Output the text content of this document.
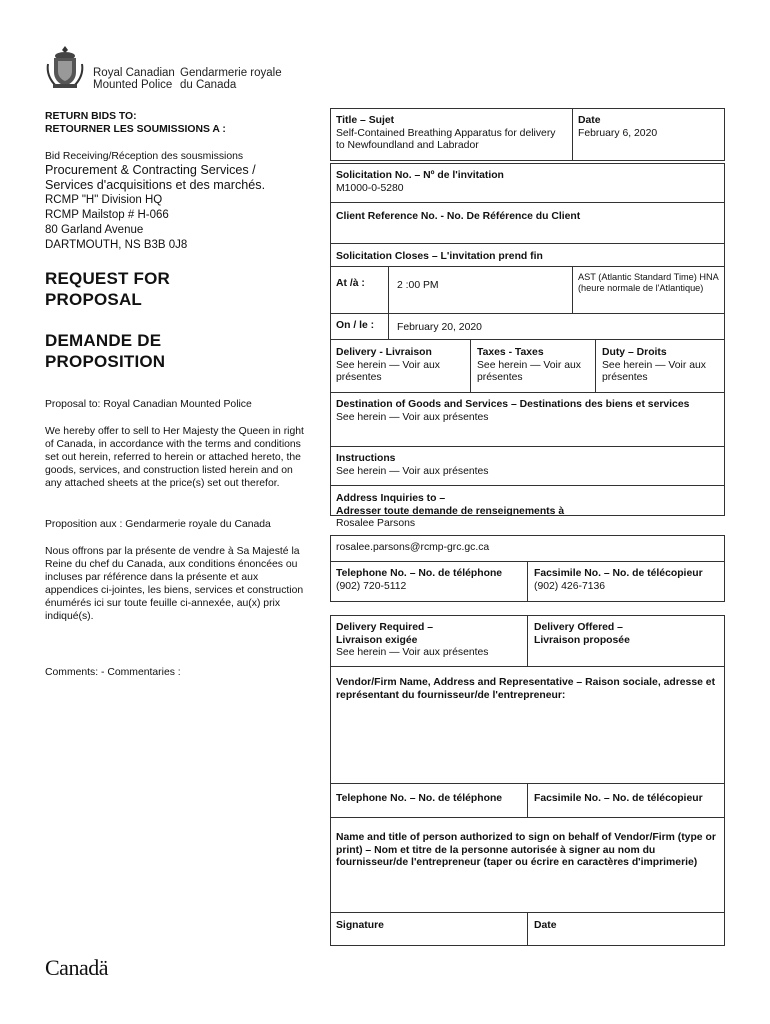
Royal Canadian
Mounted Police
Gendarmerie royale
du Canada
RETURN BIDS TO:
RETOURNER LES SOUMISSIONS A :
Bid Receiving/Réception des sousmissions
Procurement & Contracting Services /
Services d'acquisitions et des marchés.
RCMP "H" Division HQ
RCMP Mailstop # H-066
80 Garland Avenue
DARTMOUTH, NS B3B 0J8
REQUEST FOR
PROPOSAL
DEMANDE DE
PROPOSITION
Proposal to: Royal Canadian Mounted Police
We hereby offer to sell to Her Majesty the Queen in right of Canada, in accordance with the terms and conditions set out herein, referred to herein or attached hereto, the goods, services, and construction listed herein and on any attached sheets at the price(s) set out therefor.
Proposition aux : Gendarmerie royale du Canada
Nous offrons par la présente de vendre à Sa Majesté la Reine du chef du Canada, aux conditions énoncées ou incluses par référence dans la présente et aux appendices ci-jointes, les biens, services et construction énumérés ici sur toute feuille ci-annexée, au(x) prix indiqué(s).
Comments: - Commentaries :
Title – Sujet
Self-Contained Breathing Apparatus for delivery to Newfoundland and Labrador
Date
February 6, 2020
Solicitation No. – Nº de l'invitation
M1000-0-5280
Client Reference No. - No. De Référence du Client
Solicitation Closes – L'invitation prend fin
At /à :	2 :00 PM
AST (Atlantic Standard Time) HNA (heure normale de l'Atlantique)
On / le : February 20, 2020
Delivery - Livraison
See herein — Voir aux présentes
Taxes - Taxes
See herein — Voir aux présentes
Duty – Droits
See herein — Voir aux présentes
Destination of Goods and Services – Destinations des biens et services
See herein — Voir aux présentes
Instructions
See herein — Voir aux présentes
Address Inquiries to –
Adresser toute demande de renseignements à
Rosalee Parsons
rosalee.parsons@rcmp-grc.gc.ca
Telephone No. – No. de téléphone
(902) 720-5112
Facsimile No. – No. de télécopieur
(902) 426-7136
Delivery Required –
Livraison exigée
See herein — Voir aux présentes
Delivery Offered –
Livraison proposée
Vendor/Firm Name, Address and Representative – Raison sociale, adresse et représentant du fournisseur/de l'entrepreneur:
Telephone No. – No. de téléphone	Facsimile No. – No. de télécopieur
Name and title of person authorized to sign on behalf of Vendor/Firm (type or print) – Nom et titre de la personne autorisée à signer au nom du fournisseur/de l'entrepreneur (taper ou écrire en caractères d'imprimerie)
Signature	Date
Canadä
